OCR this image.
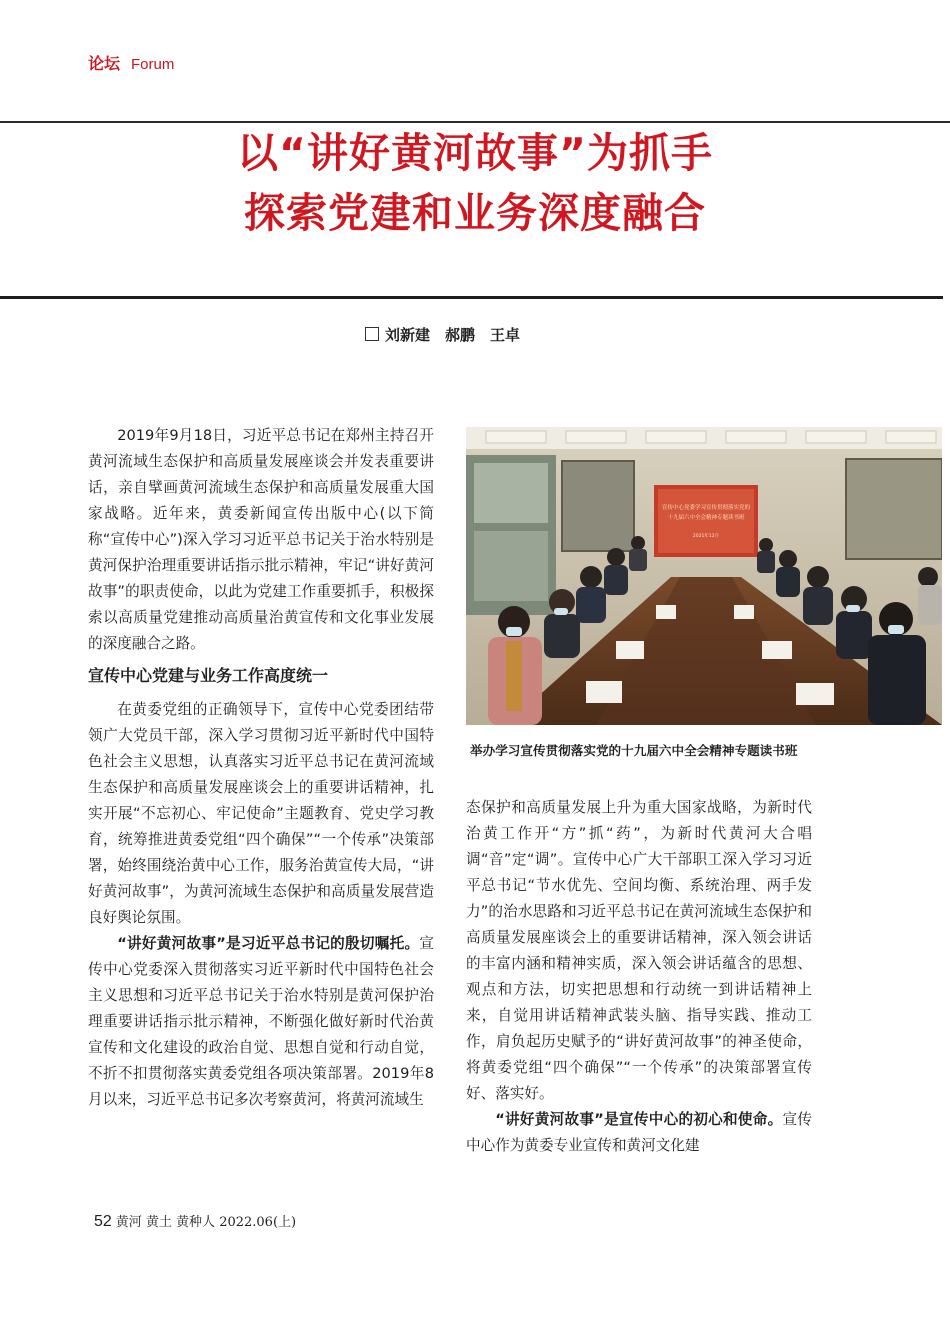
论坛 Forum
以“讲好黄河故事”为抓手
探索党建和业务深度融合
刘新建　郝鹏　王卓

2019年9月18日，习近平总书记在郑州主持召开黄河流域生态保护和高质量发展座谈会并发表重要讲话，亲自擘画黄河流域生态保护和高质量发展重大国家战略。近年来，黄委新闻宣传出版中心(以下简称“宣传中心”)深入学习习近平总书记关于治水特别是黄河保护治理重要讲话指示批示精神，牢记“讲好黄河故事”的职责使命，以此为党建工作重要抓手，积极探索以高质量党建推动高质量治黄宣传和文化事业发展的深度融合之路。

宣传中心党建与业务工作高度统一

在黄委党组的正确领导下，宣传中心党委团结带领广大党员干部，深入学习贯彻习近平新时代中国特色社会主义思想，认真落实习近平总书记在黄河流域生态保护和高质量发展座谈会上的重要讲话精神，扎实开展“不忘初心、牢记使命”主题教育、党史学习教育，统筹推进黄委党组“四个确保”“一个传承”决策部署，始终围绕治黄中心工作，服务治黄宣传大局，“讲好黄河故事”，为黄河流域生态保护和高质量发展营造良好舆论氛围。

“讲好黄河故事”是习近平总书记的殷切嘱托。宣传中心党委深入贯彻落实习近平新时代中国特色社会主义思想和习近平总书记关于治水特别是黄河保护治理重要讲话指示批示精神，不断强化做好新时代治黄宣传和文化建设的政治自觉、思想自觉和行动自觉，不折不扣贯彻落实黄委党组各项决策部署。2019年8月以来，习近平总书记多次考察黄河，将黄河流域生

宣传中心党委学习宣传贯彻落实党的
十九届六中全会精神专题读书班
2021年12月
举办学习宣传贯彻落实党的十九届六中全会精神专题读书班

态保护和高质量发展上升为重大国家战略，为新时代治黄工作开“方”抓“药”，为新时代黄河大合唱调“音”定“调”。宣传中心广大干部职工深入学习习近平总书记“节水优先、空间均衡、系统治理、两手发力”的治水思路和习近平总书记在黄河流域生态保护和高质量发展座谈会上的重要讲话精神，深入领会讲话的丰富内涵和精神实质，深入领会讲话蕴含的思想、观点和方法，切实把思想和行动统一到讲话精神上来，自觉用讲话精神武装头脑、指导实践、推动工作，肩负起历史赋予的“讲好黄河故事”的神圣使命，将黄委党组“四个确保”“一个传承”的决策部署宣传好、落实好。

“讲好黄河故事”是宣传中心的初心和使命。宣传中心作为黄委专业宣传和黄河文化建

52 黄河 黄土 黄种人 2022.06(上)
